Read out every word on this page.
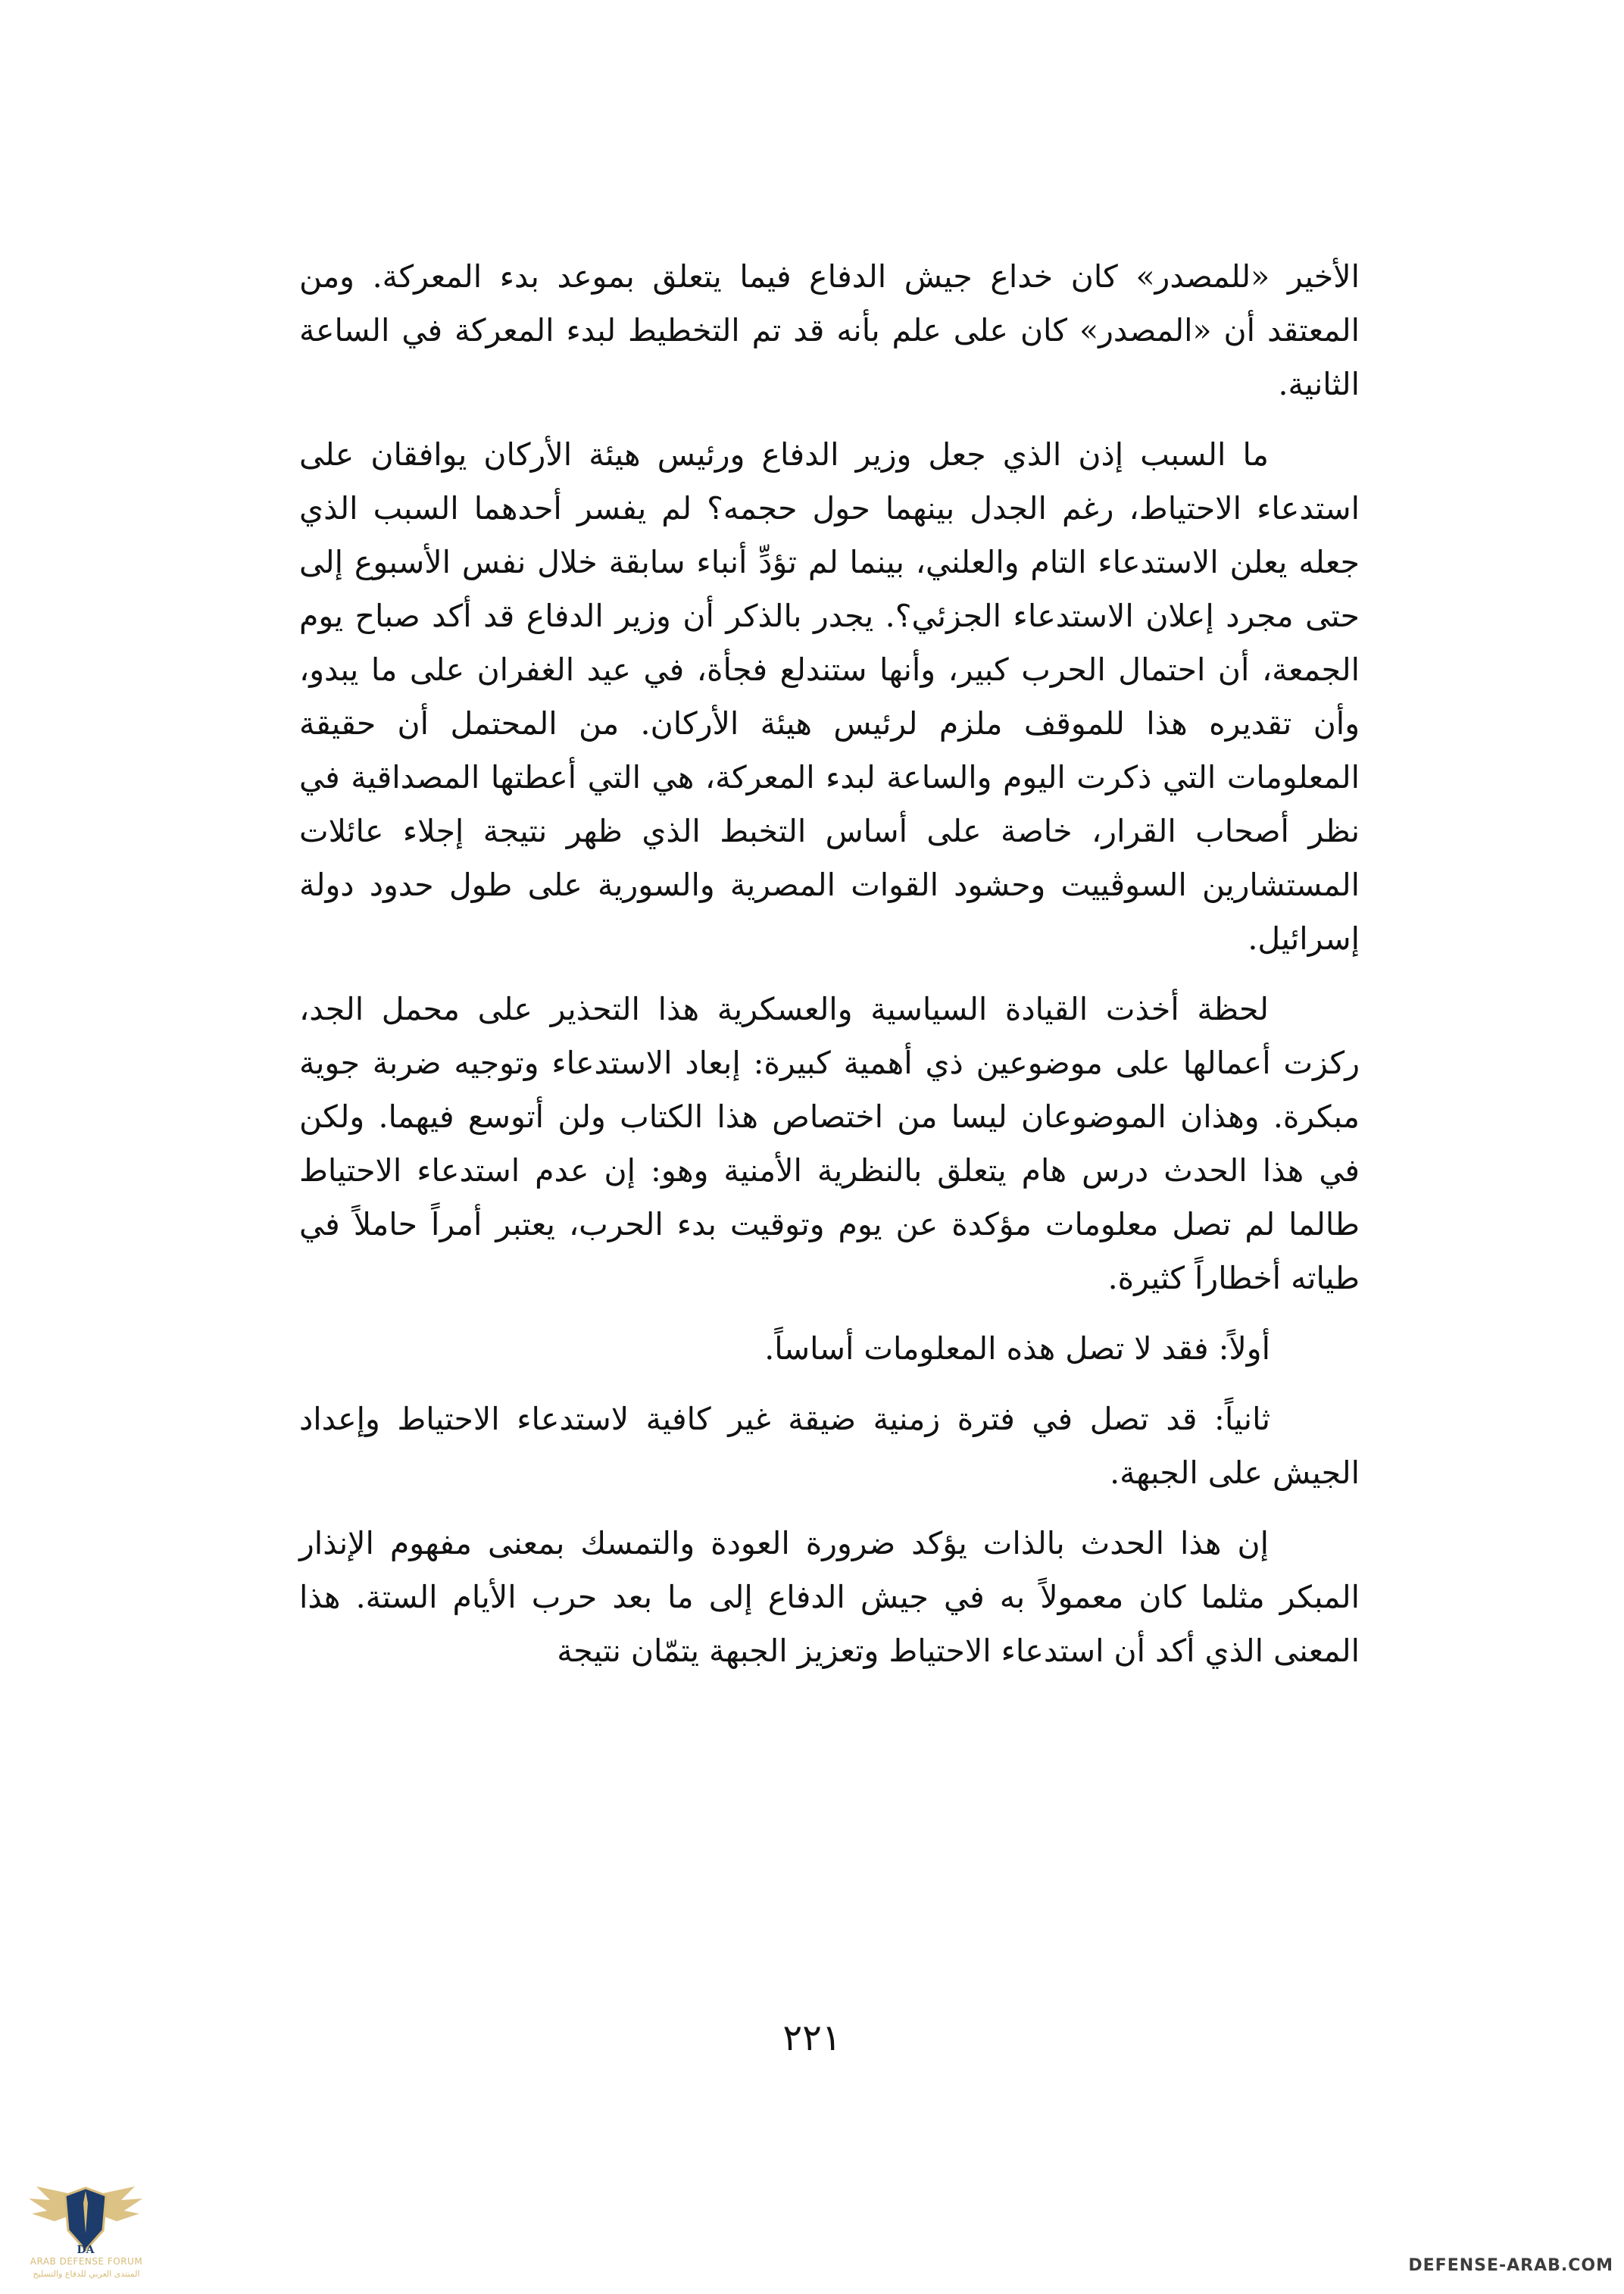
الأخير «للمصدر» كان خداع جيش الدفاع فيما يتعلق بموعد بدء المعركة. ومن المعتقد أن «المصدر» كان على علم بأنه قد تم التخطيط لبدء المعركة في الساعة الثانية.

ما السبب إذن الذي جعل وزير الدفاع ورئيس هيئة الأركان يوافقان على استدعاء الاحتياط، رغم الجدل بينهما حول حجمه؟ لم يفسر أحدهما السبب الذي جعله يعلن الاستدعاء التام والعلني، بينما لم تؤدِّ أنباء سابقة خلال نفس الأسبوع إلى حتى مجرد إعلان الاستدعاء الجزئي؟. يجدر بالذكر أن وزير الدفاع قد أكد صباح يوم الجمعة، أن احتمال الحرب كبير، وأنها ستندلع فجأة، في عيد الغفران على ما يبدو، وأن تقديره هذا للموقف ملزم لرئيس هيئة الأركان. من المحتمل أن حقيقة المعلومات التي ذكرت اليوم والساعة لبدء المعركة، هي التي أعطتها المصداقية في نظر أصحاب القرار، خاصة على أساس التخبط الذي ظهر نتيجة إجلاء عائلات المستشارين السوڤييت وحشود القوات المصرية والسورية على طول حدود دولة إسرائيل.

لحظة أخذت القيادة السياسية والعسكرية هذا التحذير على محمل الجد، ركزت أعمالها على موضوعين ذي أهمية كبيرة: إبعاد الاستدعاء وتوجيه ضربة جوية مبكرة. وهذان الموضوعان ليسا من اختصاص هذا الكتاب ولن أتوسع فيهما. ولكن في هذا الحدث درس هام يتعلق بالنظرية الأمنية وهو: إن عدم استدعاء الاحتياط طالما لم تصل معلومات مؤكدة عن يوم وتوقيت بدء الحرب، يعتبر أمراً حاملاً في طياته أخطاراً كثيرة.

أولاً: فقد لا تصل هذه المعلومات أساساً.

ثانياً: قد تصل في فترة زمنية ضيقة غير كافية لاستدعاء الاحتياط وإعداد الجيش على الجبهة.

إن هذا الحدث بالذات يؤكد ضرورة العودة والتمسك بمعنى مفهوم الإنذار المبكر مثلما كان معمولاً به في جيش الدفاع إلى ما بعد حرب الأيام الستة. هذا المعنى الذي أكد أن استدعاء الاحتياط وتعزيز الجبهة يتمّان نتيجة

٢٢١
DA
ARAB DEFENSE FORUM
المنتدى العربي للدفاع والتسليح	DEFENSE-ARAB.COM
